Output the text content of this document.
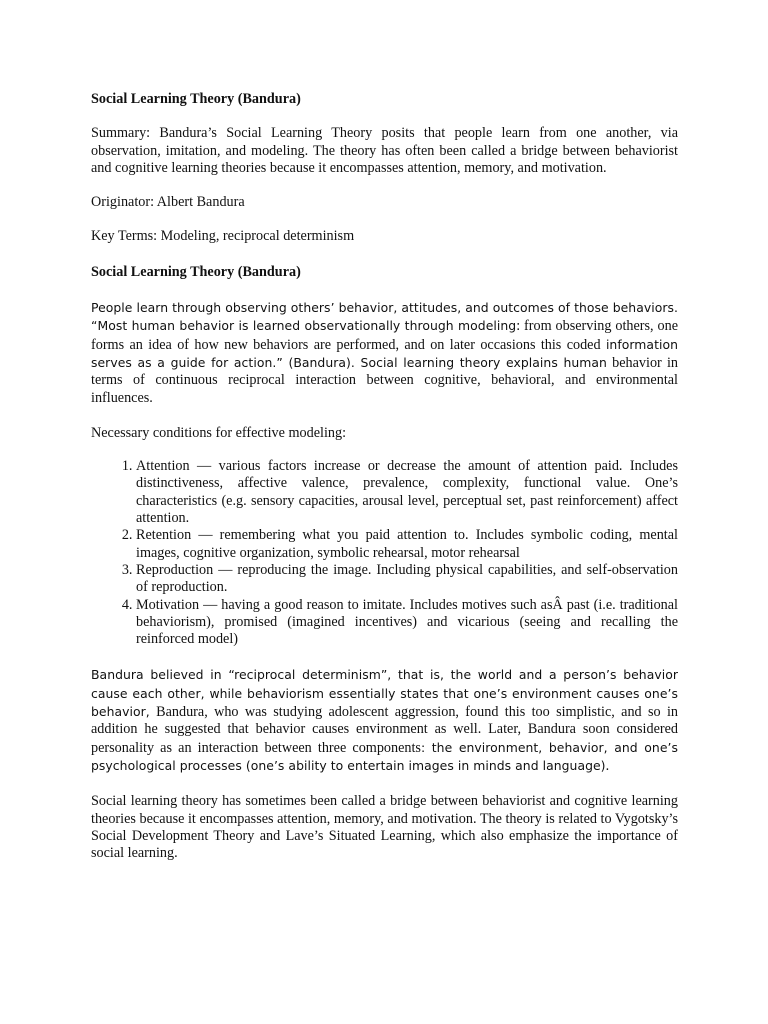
Social Learning Theory (Bandura)

Summary: Bandura’s Social Learning Theory posits that people learn from one another, via observation, imitation, and modeling. The theory has often been called a bridge between behaviorist and cognitive learning theories because it encompasses attention, memory, and motivation.

Originator: Albert Bandura

Key Terms: Modeling, reciprocal determinism

Social Learning Theory (Bandura)

People learn through observing others’ behavior, attitudes, and outcomes of those behaviors. “Most human behavior is learned observationally through modeling: from observing others, one forms an idea of how new behaviors are performed, and on later occasions this coded information serves as a guide for action.” (Bandura). Social learning theory explains human behavior in terms of continuous reciprocal interaction between cognitive, behavioral, and environmental influences.

Necessary conditions for effective modeling:

1. Attention — various factors increase or decrease the amount of attention paid. Includes distinctiveness, affective valence, prevalence, complexity, functional value. One’s characteristics (e.g. sensory capacities, arousal level, perceptual set, past reinforcement) affect attention.
2. Retention — remembering what you paid attention to. Includes symbolic coding, mental images, cognitive organization, symbolic rehearsal, motor rehearsal
3. Reproduction — reproducing the image. Including physical capabilities, and self-observation of reproduction.
4. Motivation — having a good reason to imitate. Includes motives such asÂ past (i.e. traditional behaviorism), promised (imagined incentives) and vicarious (seeing and recalling the reinforced model)

Bandura believed in “reciprocal determinism”, that is, the world and a person’s behavior cause each other, while behaviorism essentially states that one’s environment causes one’s behavior, Bandura, who was studying adolescent aggression, found this too simplistic, and so in addition he suggested that behavior causes environment as well. Later, Bandura soon considered personality as an interaction between three components: the environment, behavior, and one’s psychological processes (one’s ability to entertain images in minds and language).

Social learning theory has sometimes been called a bridge between behaviorist and cognitive learning theories because it encompasses attention, memory, and motivation. The theory is related to Vygotsky’s Social Development Theory and Lave’s Situated Learning, which also emphasize the importance of social learning.
